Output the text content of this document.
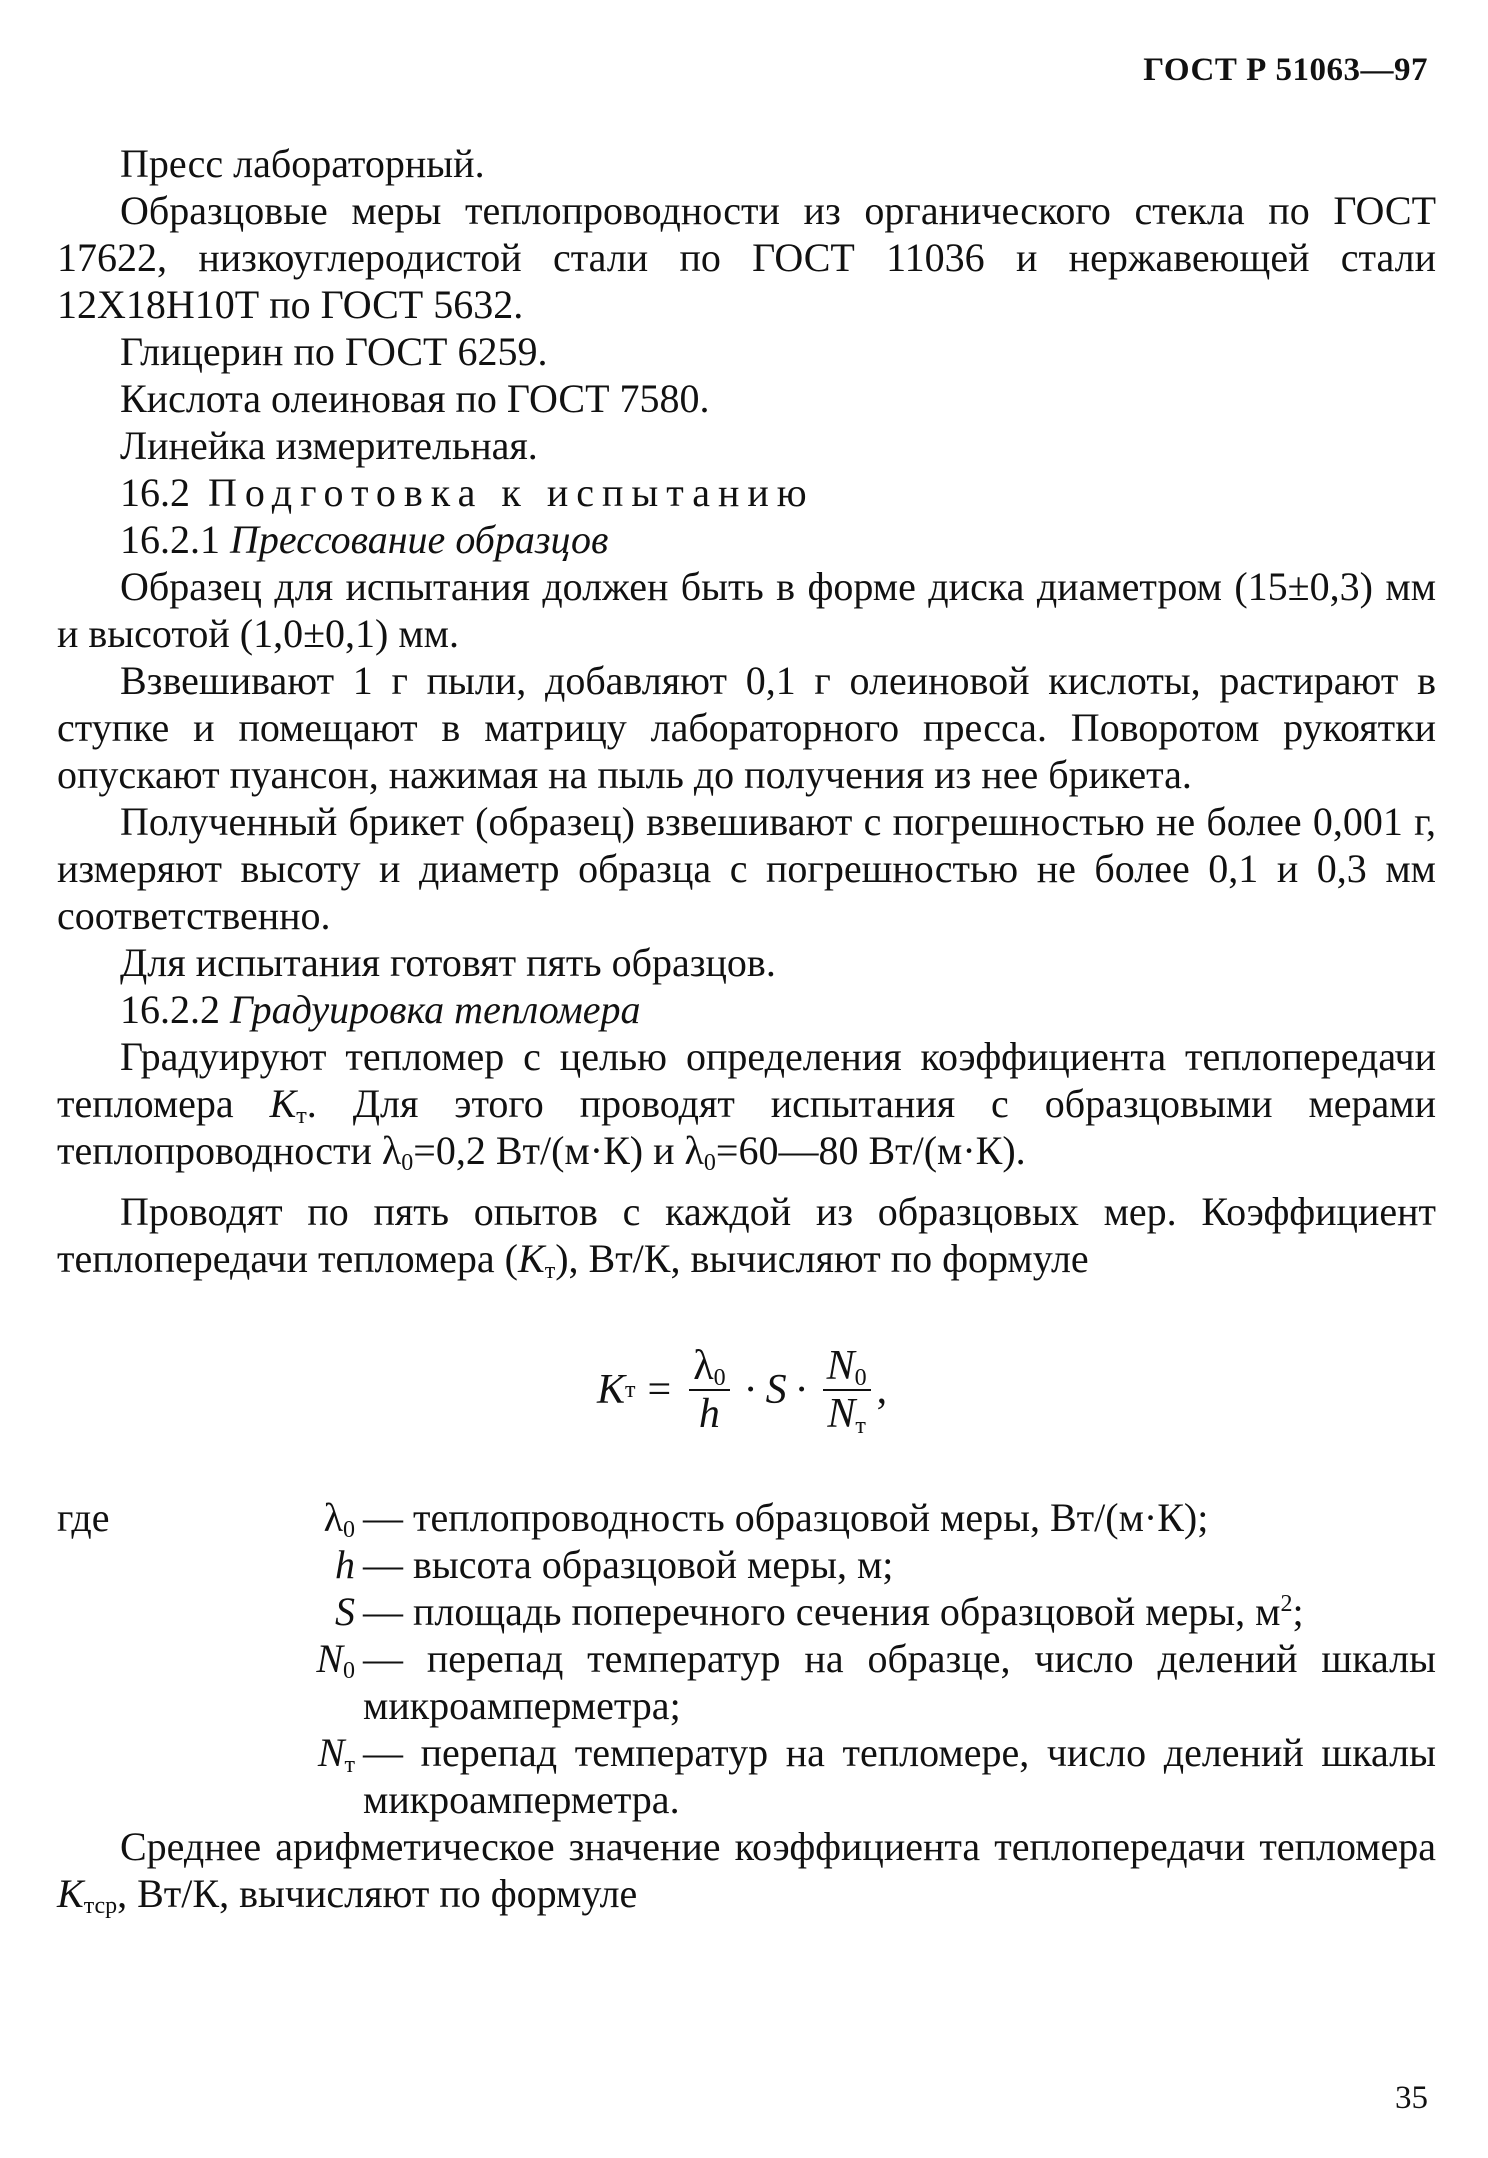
ГОСТ Р 51063—97

Пресс лабораторный.

Образцовые меры теплопроводности из органического стекла по ГОСТ 17622, низкоуглеродистой стали по ГОСТ 11036 и нержавеющей стали 12Х18Н10Т по ГОСТ 5632.

Глицерин по ГОСТ 6259.

Кислота олеиновая по ГОСТ 7580.

Линейка измерительная.

16.2 Подготовка к испытанию

16.2.1 Прессование образцов

Образец для испытания должен быть в форме диска диаметром (15±0,3) мм и высотой (1,0±0,1) мм.

Взвешивают 1 г пыли, добавляют 0,1 г олеиновой кислоты, растирают в ступке и помещают в матрицу лабораторного пресса. Поворотом рукоятки опускают пуансон, нажимая на пыль до получения из нее брикета.

Полученный брикет (образец) взвешивают с погрешностью не более 0,001 г, измеряют высоту и диаметр образца с погрешностью не более 0,1 и 0,3 мм соответственно.

Для испытания готовят пять образцов.

16.2.2 Градуировка тепломера

Градуируют тепломер с целью определения коэффициента теплопередачи тепломера $K_т$. Для этого проводят испытания с образцовыми мерами теплопроводности $\lambda_0=0,2$ Вт/(м·К) и $\lambda_0=60—80$ Вт/(м·К).

Проводят по пять опытов с каждой из образцовых мер. Коэффициент теплопередачи тепломера $(K_т)$, Вт/К, вычисляют по формуле

K $т = \frac{\lambda_0}{h} \cdot S \cdot \frac{N_0}{N_т}$ ,
где	$\lambda_0$ — теплопроводность образцовой меры, Вт/(м·К);
h — высота образцовой меры, м;
S — площадь поперечного сечения образцовой меры, $м^2$;
$N_0$ — перепад температур на образце, число делений шкалы микроамперметра;
$N_т$ — перепад температур на тепломере, число делений шкалы микроамперметра.

Среднее арифметическое значение коэффициента теплопередачи тепломера $K_{тср}$, Вт/К, вычисляют по формуле

35
